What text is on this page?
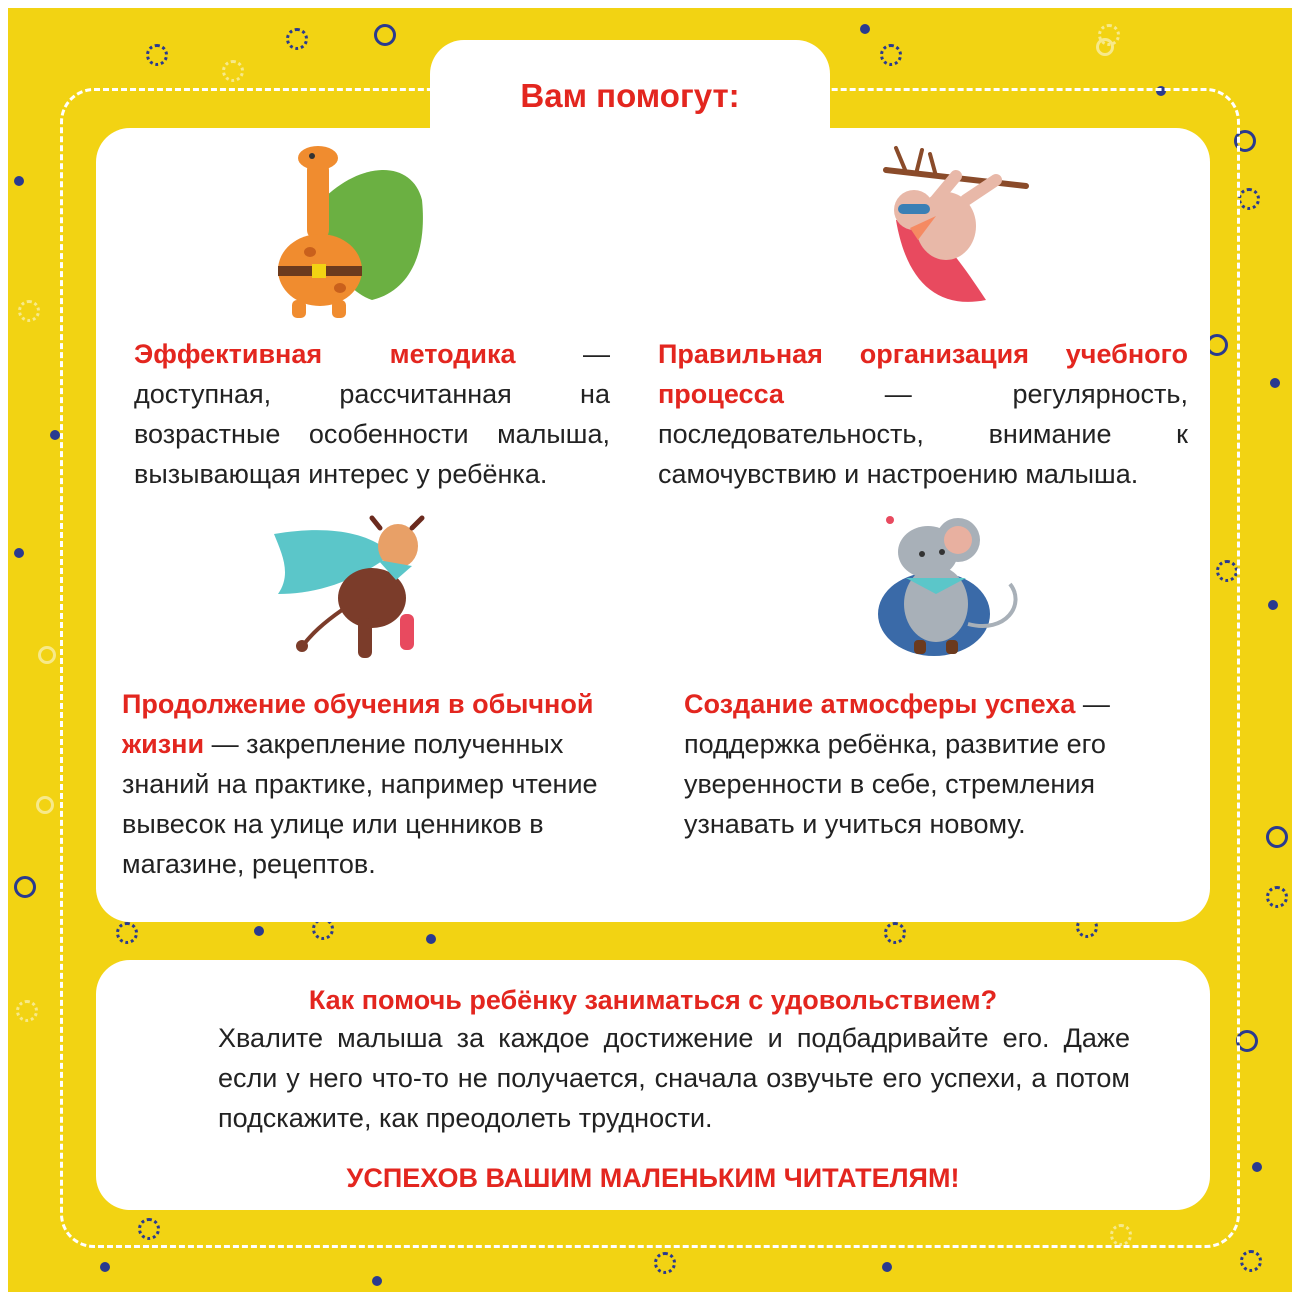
Вам помогут:
Эффективная методика — доступная, рассчитанная на возрастные особенности малыша, вызывающая интерес у ребёнка.
Правильная организация учебного процесса — регулярность, последовательность, внимание к самочувствию и настроению малыша.
Продолжение обучения в обычной жизни — закрепление полученных знаний на практике, например чтение вывесок на улице или ценников в магазине, рецептов.
Создание атмосферы успеха — поддержка ребёнка, развитие его уверенности в себе, стремления узнавать и учиться новому.
Как помочь ребёнку заниматься с удовольствием?
Хвалите малыша за каждое достижение и подбадривайте его. Даже если у него что-то не получается, сначала озвучьте его успехи, а потом подскажите, как преодолеть трудности.
УСПЕХОВ ВАШИМ МАЛЕНЬКИМ ЧИТАТЕЛЯМ!
